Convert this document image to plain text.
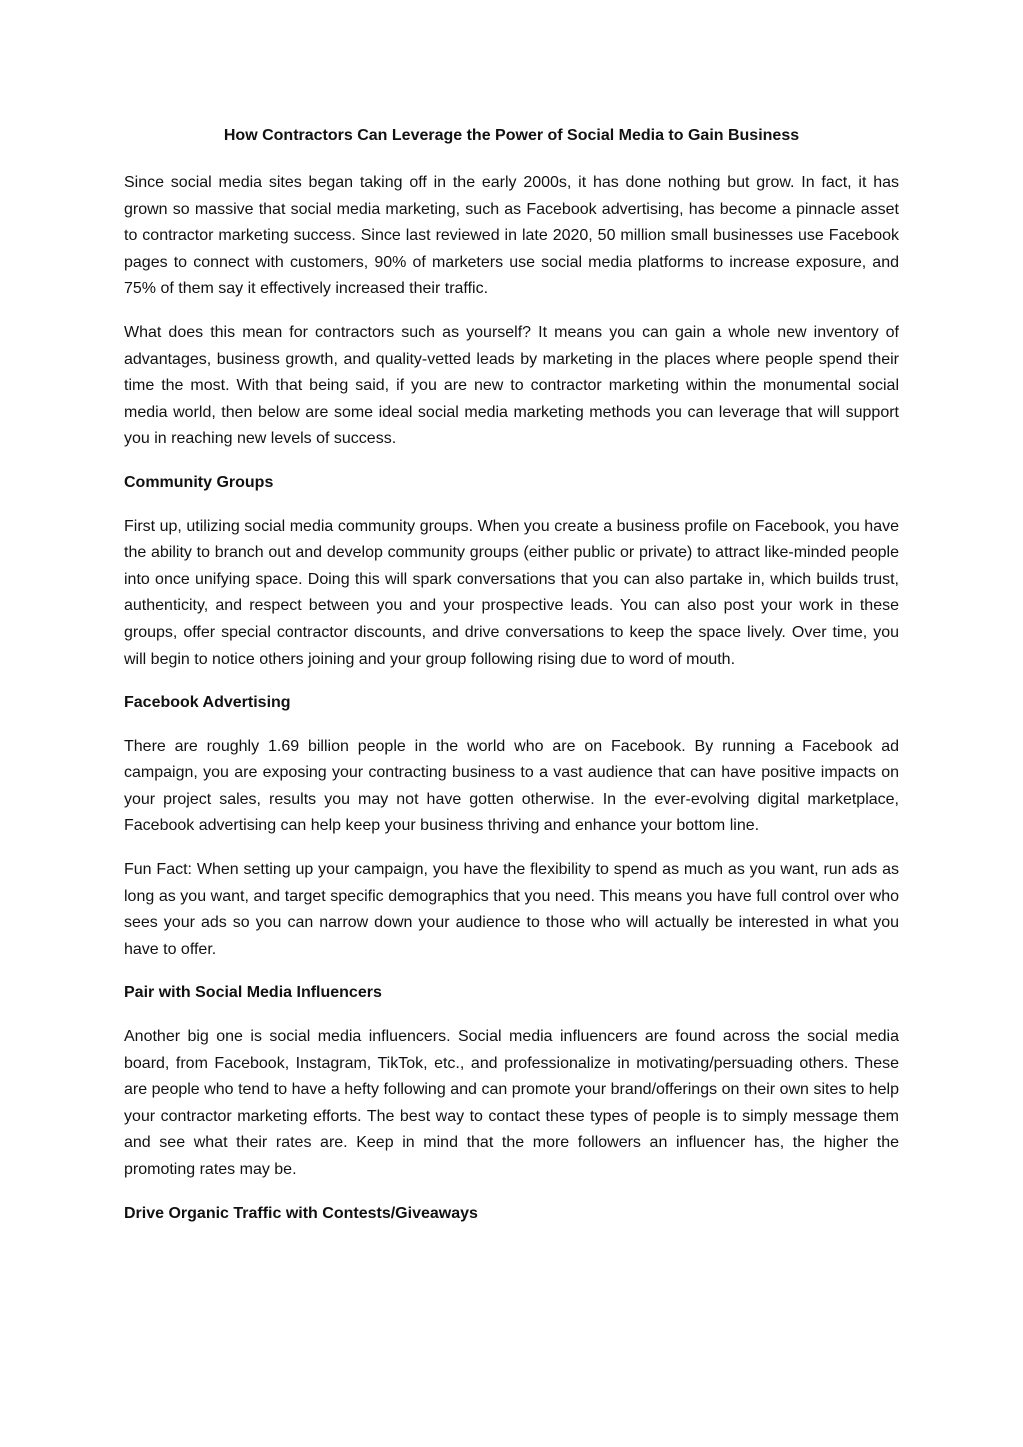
How Contractors Can Leverage the Power of Social Media to Gain Business

Since social media sites began taking off in the early 2000s, it has done nothing but grow. In fact, it has grown so massive that social media marketing, such as Facebook advertising, has become a pinnacle asset to contractor marketing success. Since last reviewed in late 2020, 50 million small businesses use Facebook pages to connect with customers, 90% of marketers use social media platforms to increase exposure, and 75% of them say it effectively increased their traffic.

What does this mean for contractors such as yourself? It means you can gain a whole new inventory of advantages, business growth, and quality-vetted leads by marketing in the places where people spend their time the most. With that being said, if you are new to contractor marketing within the monumental social media world, then below are some ideal social media marketing methods you can leverage that will support you in reaching new levels of success.

Community Groups

First up, utilizing social media community groups. When you create a business profile on Facebook, you have the ability to branch out and develop community groups (either public or private) to attract like-minded people into once unifying space. Doing this will spark conversations that you can also partake in, which builds trust, authenticity, and respect between you and your prospective leads. You can also post your work in these groups, offer special contractor discounts, and drive conversations to keep the space lively. Over time, you will begin to notice others joining and your group following rising due to word of mouth.

Facebook Advertising

There are roughly 1.69 billion people in the world who are on Facebook. By running a Facebook ad campaign, you are exposing your contracting business to a vast audience that can have positive impacts on your project sales, results you may not have gotten otherwise. In the ever-evolving digital marketplace, Facebook advertising can help keep your business thriving and enhance your bottom line.

Fun Fact: When setting up your campaign, you have the flexibility to spend as much as you want, run ads as long as you want, and target specific demographics that you need. This means you have full control over who sees your ads so you can narrow down your audience to those who will actually be interested in what you have to offer.

Pair with Social Media Influencers

Another big one is social media influencers. Social media influencers are found across the social media board, from Facebook, Instagram, TikTok, etc., and professionalize in motivating/persuading others. These are people who tend to have a hefty following and can promote your brand/offerings on their own sites to help your contractor marketing efforts. The best way to contact these types of people is to simply message them and see what their rates are. Keep in mind that the more followers an influencer has, the higher the promoting rates may be.

Drive Organic Traffic with Contests/Giveaways
